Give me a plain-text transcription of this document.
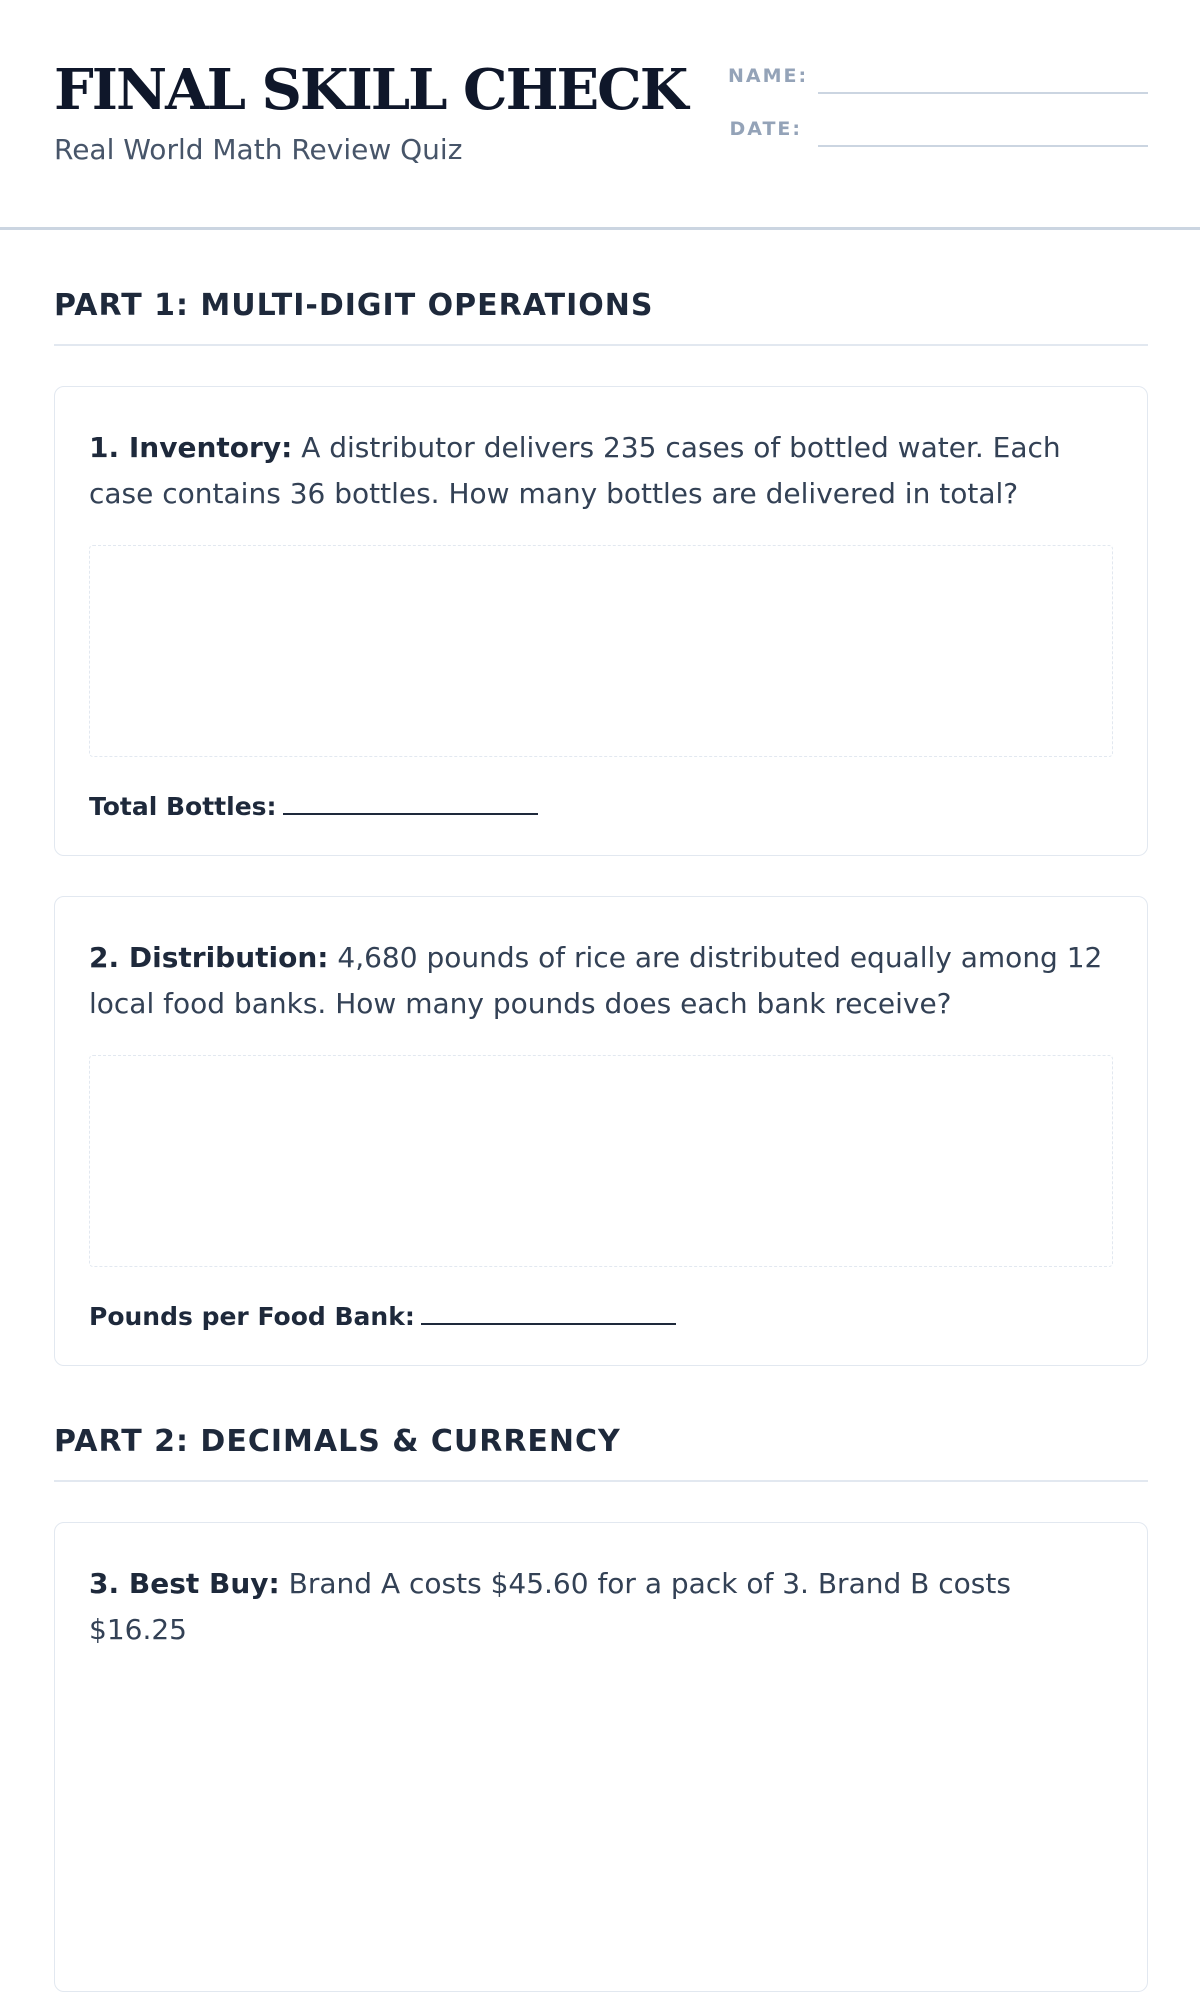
FINAL SKILL CHECK

Real World Math Review Quiz

NAME:
DATE:
PART 1: MULTI-DIGIT OPERATIONS

1. Inventory: A distributor delivers 235 cases of bottled water. Each case contains 36 bottles. How many bottles are delivered in total?

Total Bottles:

2. Distribution: 4,680 pounds of rice are distributed equally among 12 local food banks. How many pounds does each bank receive?

Pounds per Food Bank:
PART 2: DECIMALS & CURRENCY

3. Best Buy: Brand A costs $45.60 for a pack of 3. Brand B costs $16.25
